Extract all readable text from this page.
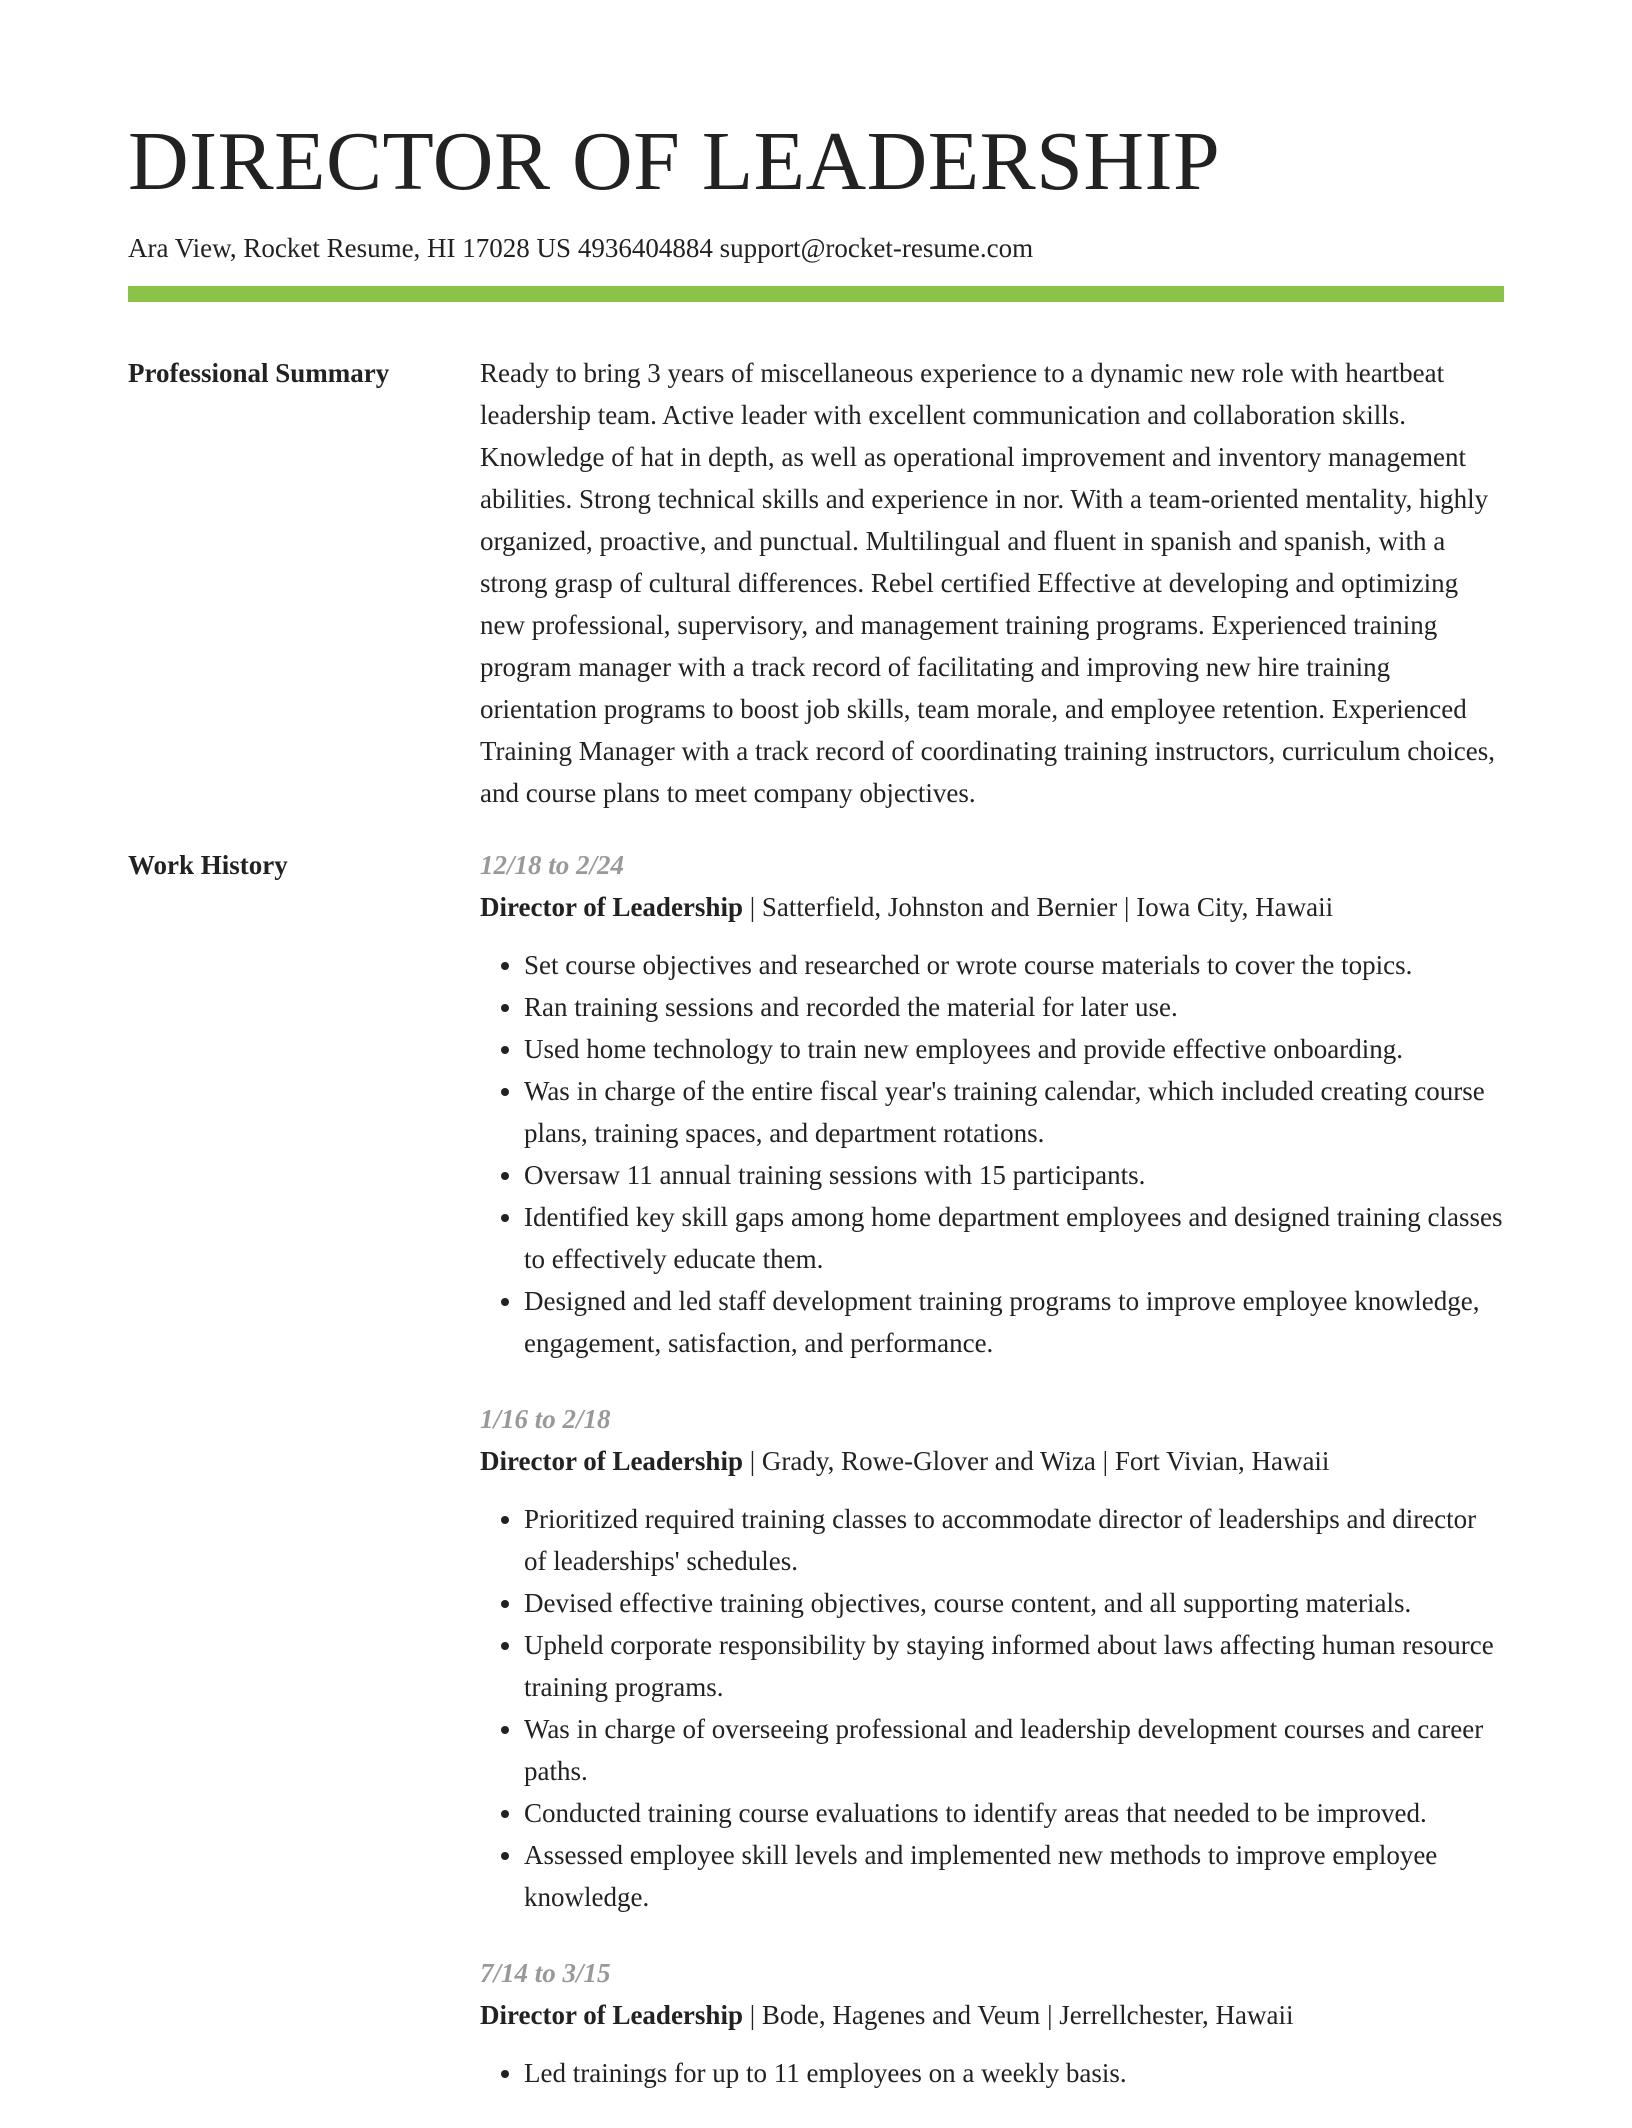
DIRECTOR OF LEADERSHIP
Ara View, Rocket Resume, HI 17028 US 4936404884 support@rocket-resume.com
Professional Summary	Ready to bring 3 years of miscellaneous experience to a dynamic new role with heartbeat leadership team. Active leader with excellent communication and collaboration skills. Knowledge of hat in depth, as well as operational improvement and inventory management abilities. Strong technical skills and experience in nor. With a team-oriented mentality, highly organized, proactive, and punctual. Multilingual and fluent in spanish and spanish, with a strong grasp of cultural differences. Rebel certified Effective at developing and optimizing new professional, supervisory, and management training programs. Experienced training program manager with a track record of facilitating and improving new hire training orientation programs to boost job skills, team morale, and employee retention. Experienced Training Manager with a track record of coordinating training instructors, curriculum choices, and course plans to meet company objectives.
Work History	12/18 to 2/24
Director of Leadership | Satterfield, Johnston and Bernier | Iowa City, Hawaii
• Set course objectives and researched or wrote course materials to cover the topics.
• Ran training sessions and recorded the material for later use.
• Used home technology to train new employees and provide effective onboarding.
• Was in charge of the entire fiscal year's training calendar, which included creating course plans, training spaces, and department rotations.
• Oversaw 11 annual training sessions with 15 participants.
• Identified key skill gaps among home department employees and designed training classes to effectively educate them.
• Designed and led staff development training programs to improve employee knowledge, engagement, satisfaction, and performance.
1/16 to 2/18
Director of Leadership | Grady, Rowe-Glover and Wiza | Fort Vivian, Hawaii
• Prioritized required training classes to accommodate director of leaderships and director of leaderships' schedules.
• Devised effective training objectives, course content, and all supporting materials.
• Upheld corporate responsibility by staying informed about laws affecting human resource training programs.
• Was in charge of overseeing professional and leadership development courses and career paths.
• Conducted training course evaluations to identify areas that needed to be improved.
• Assessed employee skill levels and implemented new methods to improve employee knowledge.
7/14 to 3/15
Director of Leadership | Bode, Hagenes and Veum | Jerrellchester, Hawaii
• Led trainings for up to 11 employees on a weekly basis.
